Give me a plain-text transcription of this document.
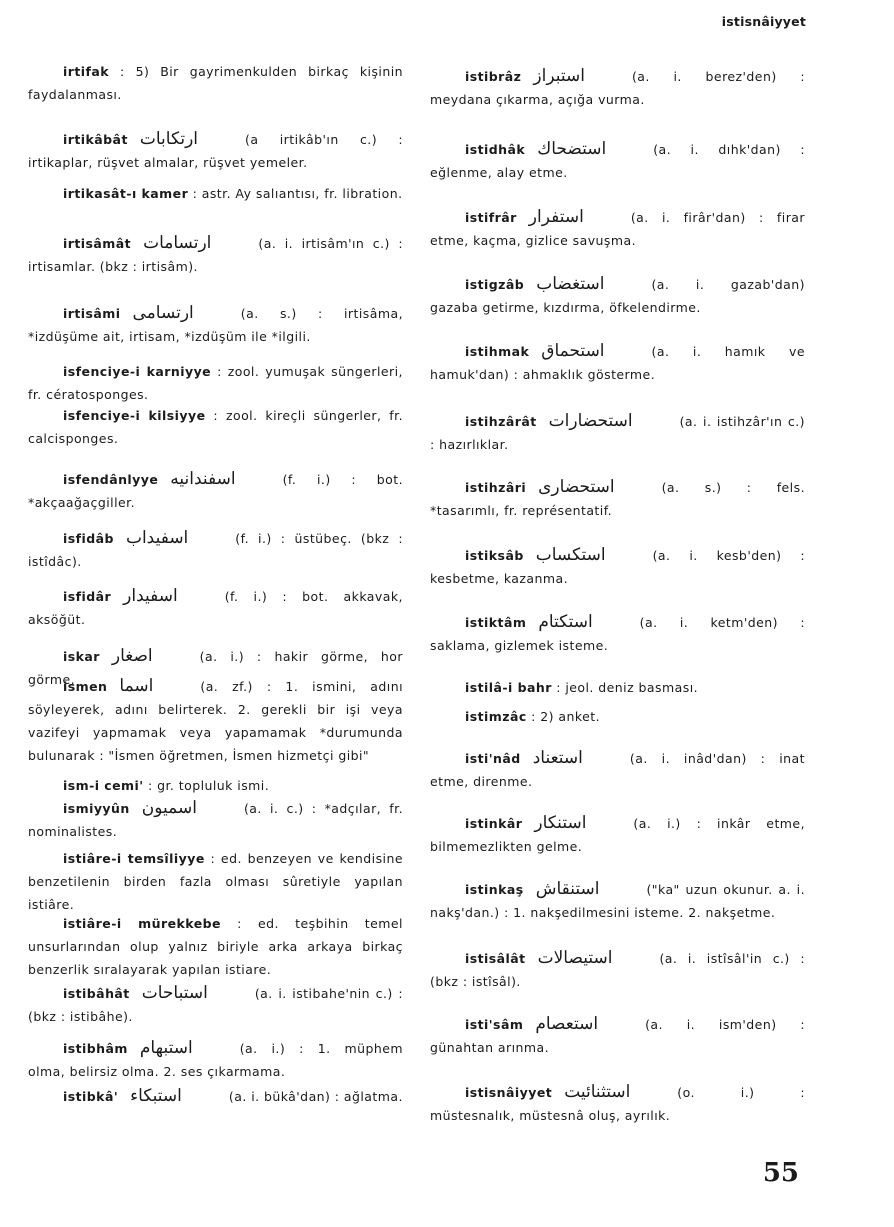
istisnâiyyet
irtifak : 5) Bir gayrimenkulden birkaç kişinin faydalanması.
irtikâbât ارتكابات	(a irtikâb'ın c.) : irtikaplar, rüşvet almalar, rüşvet yemeler.
irtikasât-ı kamer : astr. Ay salıantısı, fr. libration.
irtisâmât ارتسامات	(a. i. irtisâm'ın c.) : irtisamlar. (bkz : irtisâm).
irtisâmi ارتسامى	(a. s.) : irtisâma, *izdüşüme ait, irtisam, *izdüşüm ile *ilgili.
isfenciye-i karniyye : zool. yumuşak süngerleri, fr. cératosponges.
isfenciye-i kilsiyye : zool. kireçli süngerler, fr. calcisponges.
isfendânlyye اسفندانيه	(f. i.) : bot. *akçaağaçgiller.
isfidâb اسفيداب	(f. i.) : üstübeç. (bkz : istîdâc).
isfidâr اسفيدار	(f. i.) : bot. akkavak, aksöğüt.
iskar اصغار	(a. i.) : hakir görme, hor görme.
ismen اسما	(a. zf.) : 1. ismini, adını söyleyerek, adını belirterek. 2. gerekli bir işi veya vazifeyi yapmamak veya yapamamak *durumunda bulunarak : "İsmen öğretmen, İsmen hizmetçi gibi"
ism-i cemi' : gr. topluluk ismi.
ismiyyûn اسميون	(a. i. c.) : *adçılar, fr. nominalistes.
istiâre-i temsîliyye : ed. benzeyen ve kendisine benzetilenin birden fazla olması sûretiyle yapılan istiâre.
istiâre-i mürekkebe : ed. teşbihin temel unsurlarından olup yalnız biriyle arka arkaya birkaç benzerlik sıralayarak yapılan istiare.
istibâhât استباحات	(a. i. istibahe'nin c.) : (bkz : istibâhe).
istibhâm استبهام	(a. i.) : 1. müphem olma, belirsiz olma. 2. ses çıkarmama.
istibkâ' استبكاء	(a. i. bükâ'dan) : ağlatma.
istibrâz استبراز	(a. i. berez'den) : meydana çıkarma, açığa vurma.
istidhâk استضحاك	(a. i. dıhk'dan) : eğlenme, alay etme.
istifrâr استفرار	(a. i. firâr'dan) : firar etme, kaçma, gizlice savuşma.
istigzâb استغضاب	(a. i. gazab'dan) gazaba getirme, kızdırma, öfkelendirme.
istihmak استحماق	(a. i. hamık ve hamuk'dan) : ahmaklık gösterme.
istihzârât استحضارات	(a. i. istihzâr'ın c.) : hazırlıklar.
istihzâri استحضارى	(a. s.) : fels. *tasarımlı, fr. représentatif.
istiksâb استكساب	(a. i. kesb'den) : kesbetme, kazanma.
istiktâm استكتام	(a. i. ketm'den) : saklama, gizlemek isteme.
istilâ-i bahr : jeol. deniz basması.
istimzâc : 2) anket.
isti'nâd استعناد	(a. i. inâd'dan) : inat etme, direnme.
istinkâr استنكار	(a. i.) : inkâr etme, bilmemezlikten gelme.
istinkaş استنقاش	("ka" uzun okunur. a. i. nakş'dan.) : 1. nakşedilmesini isteme. 2. nakşetme.
istisâlât استيصالات	(a. i. istîsâl'in c.) : (bkz : istîsâl).
isti'sâm استعصام	(a. i. ism'den) : günahtan arınma.
istisnâiyyet استثنائيت	(o. i.) : müstesnalık, müstesnâ oluş, ayrılık.
55
